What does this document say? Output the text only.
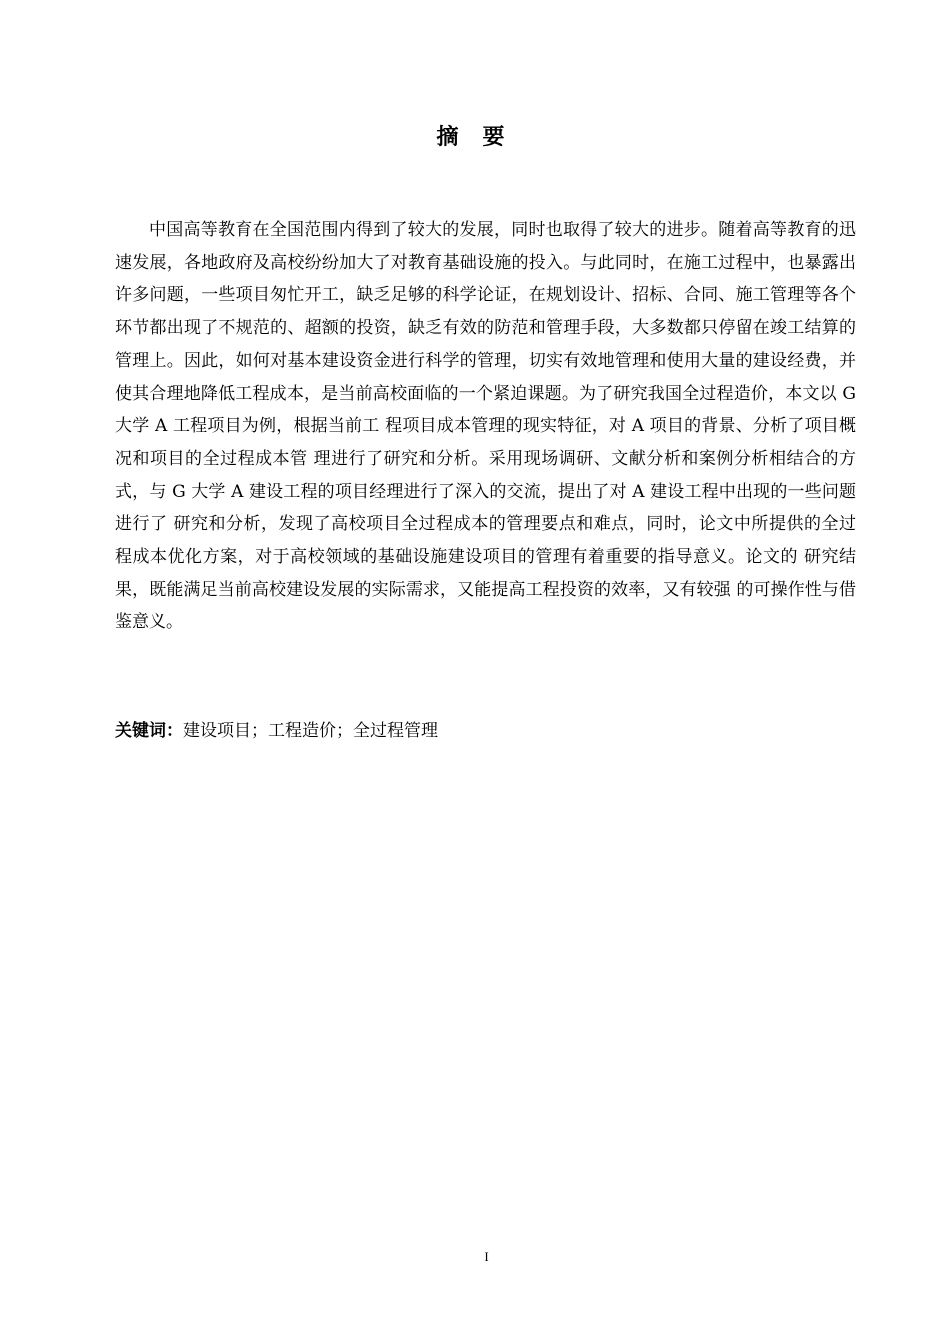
摘要

中国高等教育在全国范围内得到了较大的发展，同时也取得了较大的进步。随着高等教育的迅速发展，各地政府及高校纷纷加大了对教育基础设施的投入。与此同时，在施工过程中，也暴露出许多问题，一些项目匆忙开工，缺乏足够的科学论证，在规划设计、招标、合同、施工管理等各个环节都出现了不规范的、超额的投资，缺乏有效的防范和管理手段，大多数都只停留在竣工结算的管理上。因此，如何对基本建设资金进行科学的管理，切实有效地管理和使用大量的建设经费，并使其合理地降低工程成本，是当前高校面临的一个紧迫课题。为了研究我国全过程造价，本文以 G 大学 A 工程项目为例，根据当前工 程项目成本管理的现实特征，对 A 项目的背景、分析了项目概况和项目的全过程成本管 理进行了研究和分析。采用现场调研、文献分析和案例分析相结合的方式，与 G 大学 A 建设工程的项目经理进行了深入的交流，提出了对 A 建设工程中出现的一些问题进行了 研究和分析，发现了高校项目全过程成本的管理要点和难点，同时，论文中所提供的全过 程成本优化方案，对于高校领域的基础设施建设项目的管理有着重要的指导意义。论文的 研究结果，既能满足当前高校建设发展的实际需求，又能提高工程投资的效率，又有较强 的可操作性与借鉴意义。

关键词：建设项目；工程造价；全过程管理
I
